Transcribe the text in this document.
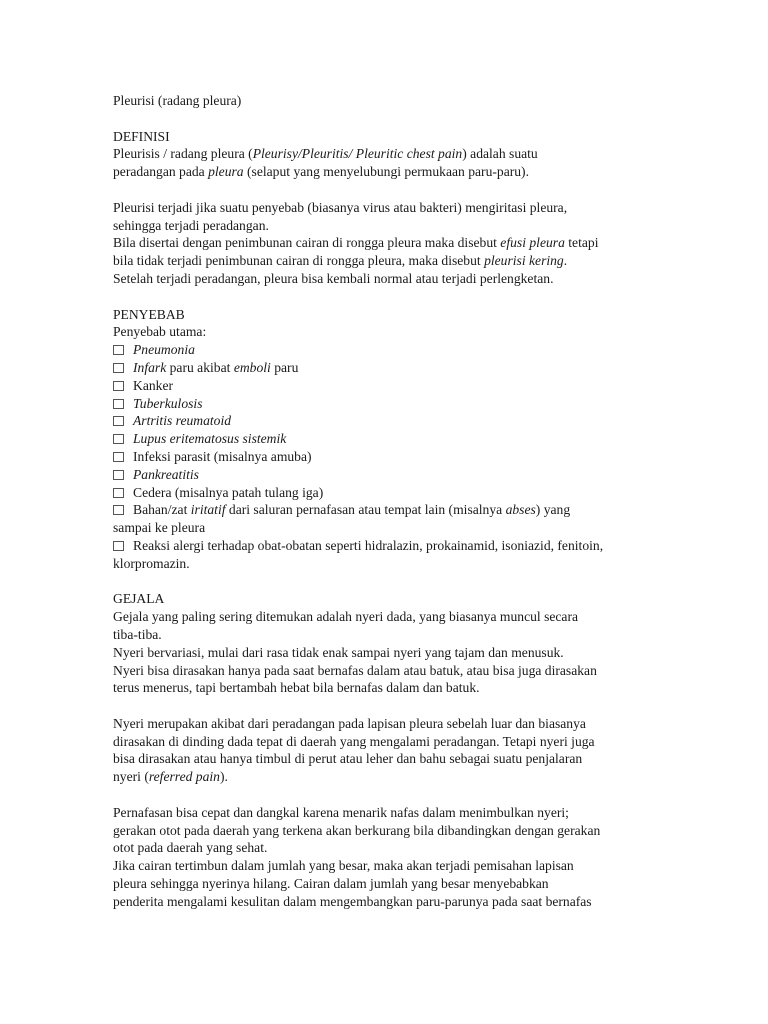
Pleurisi (radang pleura)
DEFINISI
Pleurisis / radang pleura (Pleurisy/Pleuritis/ Pleuritic chest pain) adalah suatu
peradangan pada pleura (selaput yang menyelubungi permukaan paru-paru).
Pleurisi terjadi jika suatu penyebab (biasanya virus atau bakteri) mengiritasi pleura,
sehingga terjadi peradangan.
Bila disertai dengan penimbunan cairan di rongga pleura maka disebut efusi pleura tetapi
bila tidak terjadi penimbunan cairan di rongga pleura, maka disebut pleurisi kering.
Setelah terjadi peradangan, pleura bisa kembali normal atau terjadi perlengketan.
PENYEBAB
Penyebab utama:
Pneumonia
Infark paru akibat emboli paru
Kanker
Tuberkulosis
Artritis reumatoid
Lupus eritematosus sistemik
Infeksi parasit (misalnya amuba)
Pankreatitis
Cedera (misalnya patah tulang iga)
Bahan/zat iritatif dari saluran pernafasan atau tempat lain (misalnya abses) yang
sampai ke pleura
Reaksi alergi terhadap obat-obatan seperti hidralazin, prokainamid, isoniazid, fenitoin,
klorpromazin.
GEJALA
Gejala yang paling sering ditemukan adalah nyeri dada, yang biasanya muncul secara
tiba-tiba.
Nyeri bervariasi, mulai dari rasa tidak enak sampai nyeri yang tajam dan menusuk.
Nyeri bisa dirasakan hanya pada saat bernafas dalam atau batuk, atau bisa juga dirasakan
terus menerus, tapi bertambah hebat bila bernafas dalam dan batuk.
Nyeri merupakan akibat dari peradangan pada lapisan pleura sebelah luar dan biasanya
dirasakan di dinding dada tepat di daerah yang mengalami peradangan. Tetapi nyeri juga
bisa dirasakan atau hanya timbul di perut atau leher dan bahu sebagai suatu penjalaran
nyeri (referred pain).
Pernafasan bisa cepat dan dangkal karena menarik nafas dalam menimbulkan nyeri;
gerakan otot pada daerah yang terkena akan berkurang bila dibandingkan dengan gerakan
otot pada daerah yang sehat.
Jika cairan tertimbun dalam jumlah yang besar, maka akan terjadi pemisahan lapisan
pleura sehingga nyerinya hilang. Cairan dalam jumlah yang besar menyebabkan
penderita mengalami kesulitan dalam mengembangkan paru-parunya pada saat bernafas
